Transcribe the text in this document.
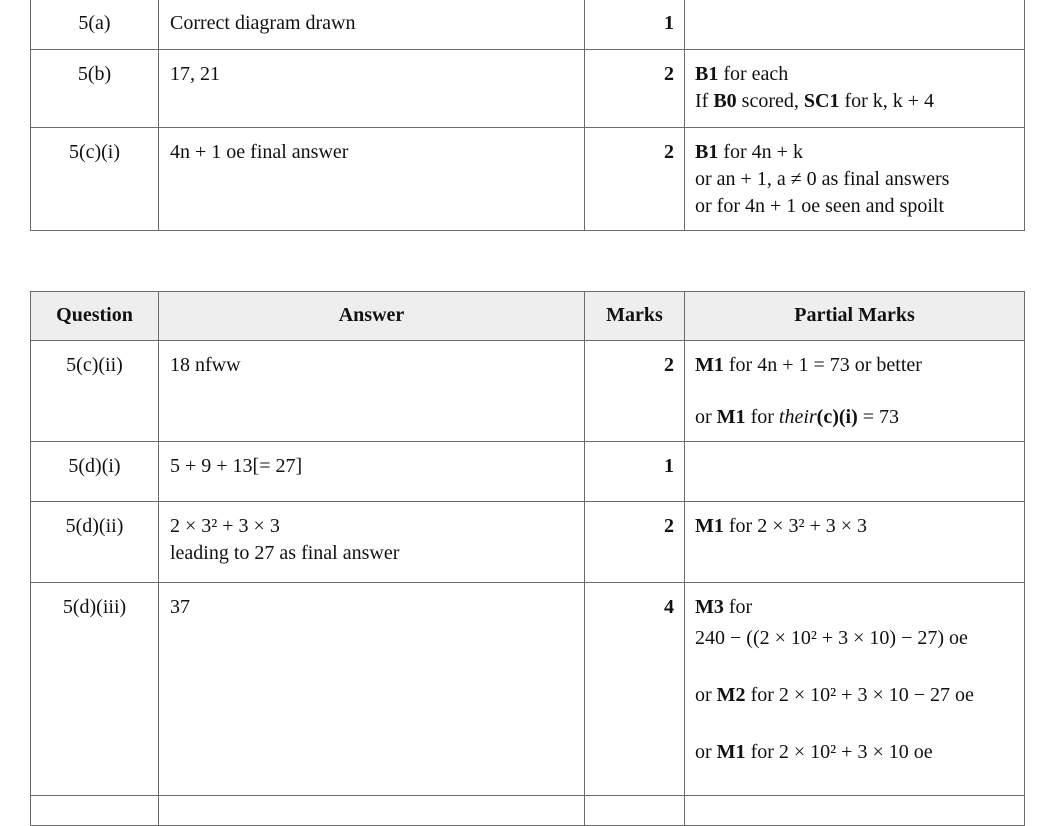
5(a)	Correct diagram drawn	1	
5(b)	17, 21	2	B1 for each
If B0 scored, SC1 for k, k + 4

5(c)(i)	4n + 1 oe final answer	2	B1 for 4n + k
or an + 1, a ≠ 0 as final answers
or for 4n + 1 oe seen and spoilt
Question	Answer	Marks	Partial Marks
5(c)(ii)	18 nfww	2	M1 for 4n + 1 = 73 or better
or M1 for their(c)(i) = 73

5(d)(i)	5 + 9 + 13[= 27]	1	
5(d)(ii)	2 × 3² + 3 × 3
leading to 27 as final answer	2	M1 for 2 × 3² + 3 × 3

5(d)(iii)	37	4	M3 for
240 − ((2 × 10² + 3 × 10) − 27) oe
or M2 for 2 × 10² + 3 × 10 − 27 oe
or M1 for 2 × 10² + 3 × 10 oe
